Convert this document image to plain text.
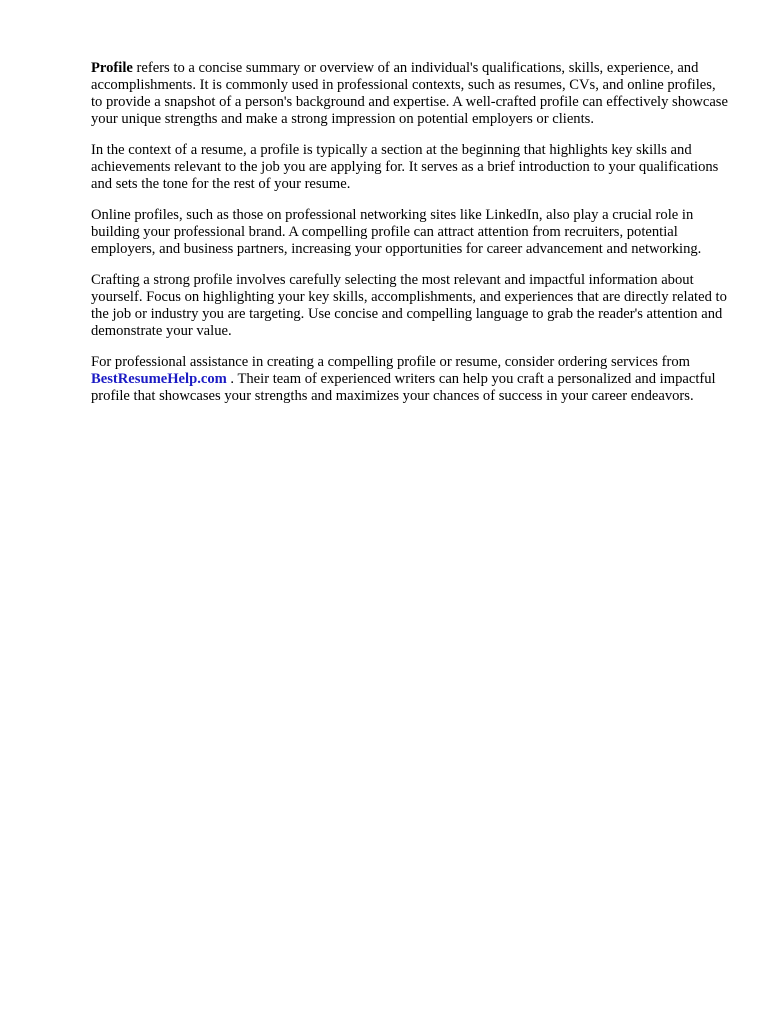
Profile refers to a concise summary or overview of an individual's qualifications, skills, experience, and accomplishments. It is commonly used in professional contexts, such as resumes, CVs, and online profiles, to provide a snapshot of a person's background and expertise. A well-crafted profile can effectively showcase your unique strengths and make a strong impression on potential employers or clients.

In the context of a resume, a profile is typically a section at the beginning that highlights key skills and achievements relevant to the job you are applying for. It serves as a brief introduction to your qualifications and sets the tone for the rest of your resume.

Online profiles, such as those on professional networking sites like LinkedIn, also play a crucial role in building your professional brand. A compelling profile can attract attention from recruiters, potential employers, and business partners, increasing your opportunities for career advancement and networking.

Crafting a strong profile involves carefully selecting the most relevant and impactful information about yourself. Focus on highlighting your key skills, accomplishments, and experiences that are directly related to the job or industry you are targeting. Use concise and compelling language to grab the reader's attention and demonstrate your value.

For professional assistance in creating a compelling profile or resume, consider ordering services from BestResumeHelp.com . Their team of experienced writers can help you craft a personalized and impactful profile that showcases your strengths and maximizes your chances of success in your career endeavors.
